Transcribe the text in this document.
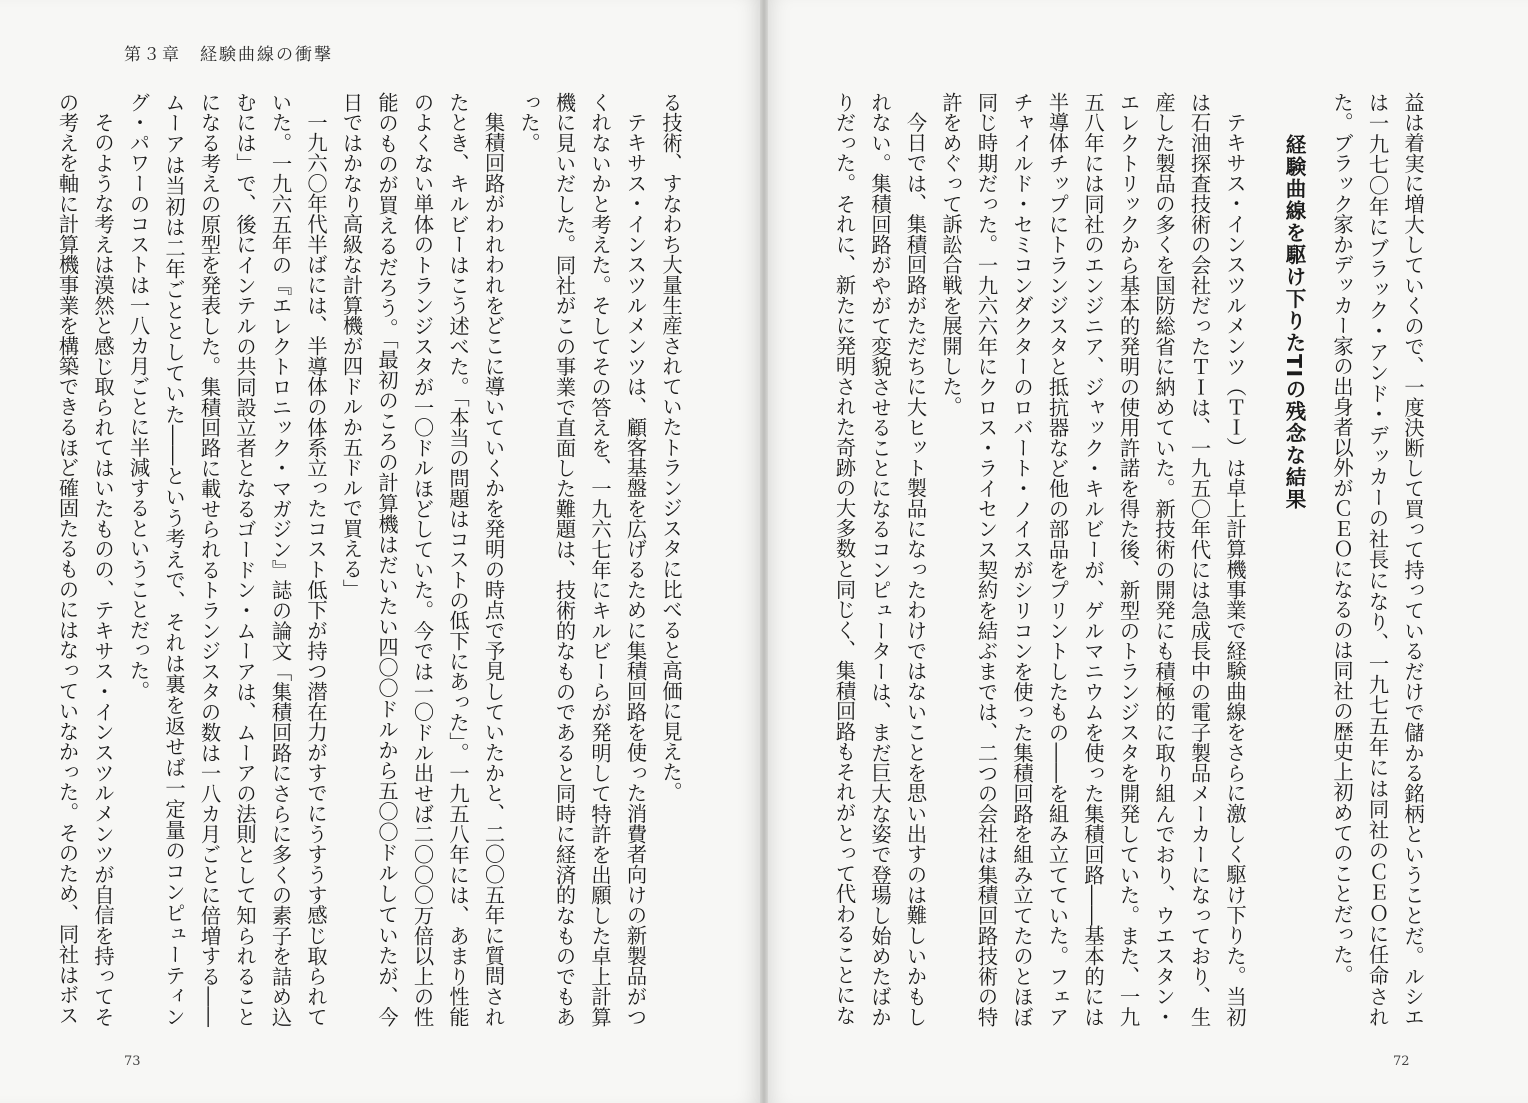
第３章　経験曲線の衝撃

る技術、すなわち大量生産されていたトランジスタに比べると高価に見えた。

テキサス・インスツルメンツは、顧客基盤を広げるために集積回路を使った消費者向けの新製品がつくれないかと考えた。そしてその答えを、一九六七年にキルビーらが発明して特許を出願した卓上計算機に見いだした。同社がこの事業で直面した難題は、技術的なものであると同時に経済的なものでもあった。

集積回路がわれわれをどこに導いていくかを発明の時点で予見していたかと、二〇〇五年に質問されたとき、キルビーはこう述べた。「本当の問題はコストの低下にあった」。一九五八年には、あまり性能のよくない単体のトランジスタが一〇ドルほどしていた。今では一〇ドル出せば二〇〇〇万倍以上の性能のものが買えるだろう。「最初のころの計算機はだいたい四〇〇ドルから五〇〇ドルしていたが、今日ではかなり高級な計算機が四ドルか五ドルで買える」

一九六〇年代半ばには、半導体の体系立ったコスト低下が持つ潜在力がすでにうすうす感じ取られていた。一九六五年の『エレクトロニック・マガジン』誌の論文「集積回路にさらに多くの素子を詰め込むには」で、後にインテルの共同設立者となるゴードン・ムーアは、ムーアの法則として知られることになる考えの原型を発表した。集積回路に載せられるトランジスタの数は一八カ月ごとに倍増する――ムーアは当初は二年ごととしていた――という考えで、それは裏を返せば一定量のコンピューティング・パワーのコストは一八カ月ごとに半減するということだった。

そのような考えは漠然と感じ取られてはいたものの、テキサス・インスツルメンツが自信を持ってその考えを軸に計算機事業を構築できるほど確固たるものにはなっていなかった。そのため、同社はボス

73

益は着実に増大していくので、一度決断して買って持っているだけで儲かる銘柄ということだ。ルシエは一九七〇年にブラック・アンド・デッカーの社長になり、一九七五年には同社のＣＥＯに任命された。ブラック家かデッカー家の出身者以外がＣＥＯになるのは同社の歴史上初めてのことだった。

経験曲線を駆け下りたTIの残念な結果

テキサス・インスツルメンツ（ＴＩ）は卓上計算機事業で経験曲線をさらに激しく駆け下りた。当初は石油探査技術の会社だったＴＩは、一九五〇年代には急成長中の電子製品メーカーになっており、生産した製品の多くを国防総省に納めていた。新技術の開発にも積極的に取り組んでおり、ウエスタン・エレクトリックから基本的発明の使用許諾を得た後、新型のトランジスタを開発していた。また、一九五八年には同社のエンジニア、ジャック・キルビーが、ゲルマニウムを使った集積回路――基本的には半導体チップにトランジスタと抵抗器など他の部品をプリントしたもの――を組み立てていた。フェアチャイルド・セミコンダクターのロバート・ノイスがシリコンを使った集積回路を組み立てたのとほぼ同じ時期だった。一九六六年にクロス・ライセンス契約を結ぶまでは、二つの会社は集積回路技術の特許をめぐって訴訟合戦を展開した。

今日では、集積回路がただちに大ヒット製品になったわけではないことを思い出すのは難しいかもしれない。集積回路がやがて変貌させることになるコンピューターは、まだ巨大な姿で登場し始めたばかりだった。それに、新たに発明された奇跡の大多数と同じく、集積回路もそれがとって代わることにな

72
